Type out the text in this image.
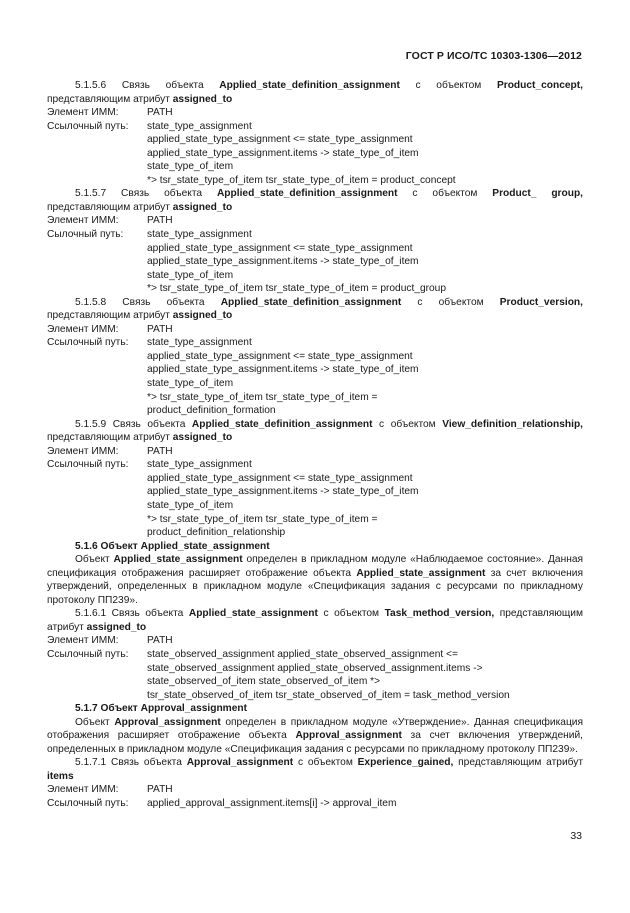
ГОСТ Р ИСО/ТС 10303-1306—2012

5.1.5.6 Связь объекта Applied_state_definition_assignment с объектом Product_concept, представляющим атрибут assigned_to

Элемент ИММ:	PATH
Ссылочный путь:	state_type_assignment
applied_state_type_assignment <= state_type_assignment
applied_state_type_assignment.items -> state_type_of_item
state_type_of_item
*> tsr_state_type_of_item tsr_state_type_of_item = product_concept

5.1.5.7 Связь объекта Applied_state_definition_assignment с объектом Product_ group, представляющим атрибут assigned_to

Элемент ИММ:	PATH
Сылочный путь:	state_type_assignment
applied_state_type_assignment <= state_type_assignment
applied_state_type_assignment.items -> state_type_of_item
state_type_of_item
*> tsr_state_type_of_item tsr_state_type_of_item = product_group

5.1.5.8 Связь объекта Applied_state_definition_assignment с объектом Product_version, представляющим атрибут assigned_to

Элемент ИММ:	PATH
Ссылочный путь:	state_type_assignment
applied_state_type_assignment <= state_type_assignment
applied_state_type_assignment.items -> state_type_of_item
state_type_of_item
*> tsr_state_type_of_item tsr_state_type_of_item =
product_definition_formation

5.1.5.9 Связь объекта Applied_state_definition_assignment с объектом View_definition_relationship, представляющим атрибут assigned_to

Элемент ИММ:	PATH
Ссылочный путь:	state_type_assignment
applied_state_type_assignment <= state_type_assignment
applied_state_type_assignment.items -> state_type_of_item
state_type_of_item
*> tsr_state_type_of_item tsr_state_type_of_item =
product_definition_relationship

5.1.6 Объект Applied_state_assignment

Объект Applied_state_assignment определен в прикладном модуле «Наблюдаемое состояние». Данная спецификация отображения расширяет отображение объекта Applied_state_assignment за счет включения утверждений, определенных в прикладном модуле «Спецификация задания с ресурсами по прикладному протоколу ПП239».

5.1.6.1 Связь объекта Applied_state_assignment с объектом Task_method_version, представляющим атрибут assigned_to

Элемент ИММ:	PATH
Ссылочный путь:	state_observed_assignment applied_state_observed_assignment <=
state_observed_assignment applied_state_observed_assignment.items ->
state_observed_of_item state_observed_of_item *>
tsr_state_observed_of_item tsr_state_observed_of_item = task_method_version

5.1.7 Объект Approval_assignment

Объект Approval_assignment определен в прикладном модуле «Утверждение». Данная спецификация отображения расширяет отображение объекта Approval_assignment за счет включения утверждений, определенных в прикладном модуле «Спецификация задания с ресурсами по прикладному протоколу ПП239».

5.1.7.1 Связь объекта Approval_assignment с объектом Experience_gained, представляющим атрибут items

Элемент ИММ:	PATH
Ссылочный путь:	applied_approval_assignment.items[i] -> approval_item
33
